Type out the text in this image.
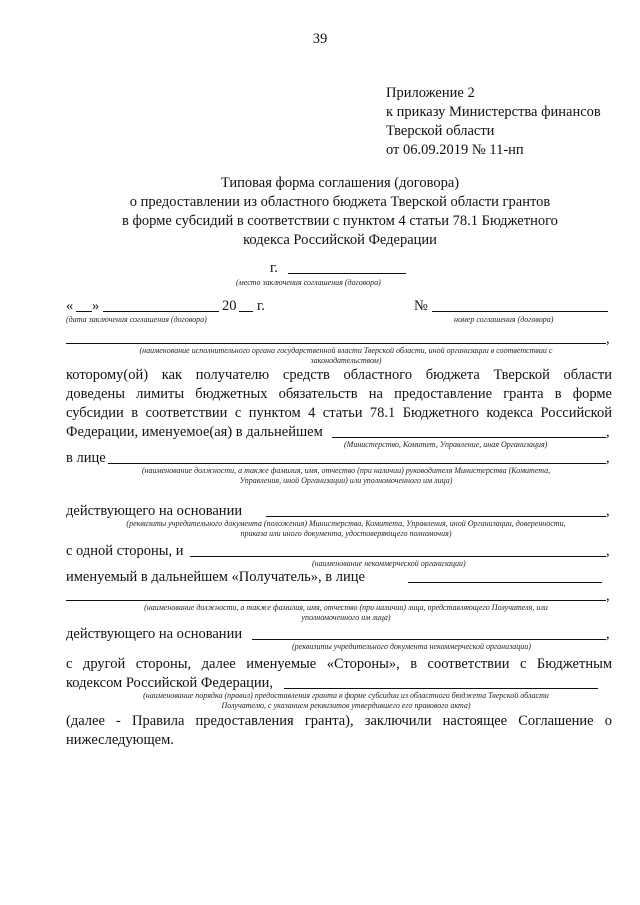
39
Приложение 2
к приказу Министерства финансов
Тверской области
от 06.09.2019 № 11-нп
Типовая форма соглашения (договора)
о предоставлении из областного бюджета Тверской области грантов
в форме субсидий в соответствии с пунктом 4 статьи 78.1 Бюджетного
кодекса Российской Федерации
г.
(место заключения соглашения (договора)
« »	20 г.
(дата заключения соглашения (договора)
№
номер соглашения (договора)
,
(наименование исполнительного органа государственной власти Тверской области, иной организации в соответствии с
законодательством)
которому(ой) как получателю средств областного бюджета Тверской области
доведены лимиты бюджетных обязательств на предоставление гранта в форме
субсидии в соответствии с пунктом 4 статьи 78.1 Бюджетного кодекса Российской
Федерации, именуемое(ая) в дальнейшем	,
(Министерство, Комитет, Управление, иная Организация)
в лице	,
(наименование должности, а также фамилия, имя, отчество (при наличии) руководителя Министерства (Комитета,
Управления, иной Организации) или уполномоченного им лица)
действующего на основании	,
(реквизиты учредительного документа (положения) Министерства, Комитета, Управления, иной Организации, доверенности,
приказа или иного документа, удостоверяющего полномочия)
с одной стороны, и	,
(наименование некоммерческой организации)
именуемый в дальнейшем «Получатель», в лице
,
(наименование должности, а также фамилия, имя, отчество (при наличии) лица, представляющего Получателя, или
уполномоченного им лица)
действующего на основании	,
(реквизиты учредительного документа некоммерческой организации)
с другой стороны, далее именуемые «Стороны», в соответствии с Бюджетным
кодексом Российской Федерации,
(наименование порядка (правил) предоставления гранта в форме субсидии из областного бюджета Тверской области
Получателю, с указанием реквизитов утвердившего его правового акта)
(далее - Правила предоставления гранта), заключили настоящее Соглашение о
нижеследующем.
